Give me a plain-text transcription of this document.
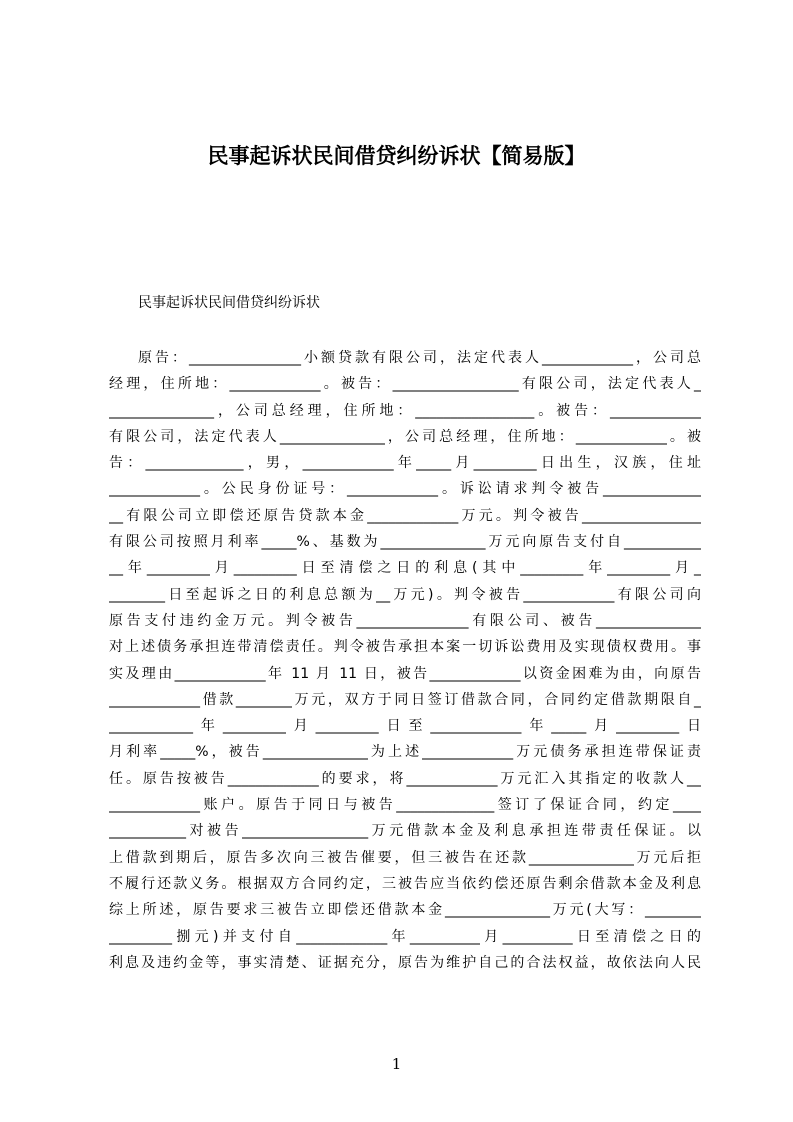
民事起诉状民间借贷纠纷诉状【简易版】
民事起诉状民间借贷纠纷诉状
原告：________________小额贷款有限公司，法定代表人_____________，公司总
经理，住所地：_____________。被告：__________________有限公司，法定代表人_
_______________，公司总经理，住所地：_________________。被告：_____________
有限公司，法定代表人_______________，公司总经理，住所地：_____________。被
告：______________，男，_____________年_____月_________日出生，汉族，住址
_____________。公民身份证号：_____________。诉讼请求判令被告______________
__有限公司立即偿还原告贷款本金_____________万元。判令被告_________________
有限公司按照月利率_____%、基数为_______________万元向原告支付自___________
__年_________月_________日至清偿之日的利息(其中_________年_________月_
________日至起诉之日的利息总额为__万元)。判令被告_____________有限公司向
原告支付违约金万元。判令被告________________有限公司、被告_______________
对上述债务承担连带清偿责任。判令被告承担本案一切诉讼费用及实现债权费用。事
实及理由_____________年 11 月 11 日，被告_____________以资金困难为由，向原告
_____________借款________万元，双方于同日签订借款合同，合同约定借款期限自_
____________年_________月_________日至_____________年_____月_________日
月利率_____%，被告_______________为上述_____________万元债务承担连带保证责
任。原告按被告_____________的要求，将_____________万元汇入其指定的收款人__
_____________账户。原告于同日与被告______________签订了保证合同，约定____
___________对被告__________________万元借款本金及利息承担连带责任保证。以
上借款到期后，原告多次向三被告催要，但三被告在还款_______________万元后拒
不履行还款义务。根据双方合同约定，三被告应当依约偿还原告剩余借款本金及利息
综上所述，原告要求三被告立即偿还借款本金_______________万元(大写：________
_________捌元)并支付自_____________年__________月__________日至清偿之日的
利息及违约金等，事实清楚、证据充分，原告为维护自己的合法权益，故依法向人民
1
